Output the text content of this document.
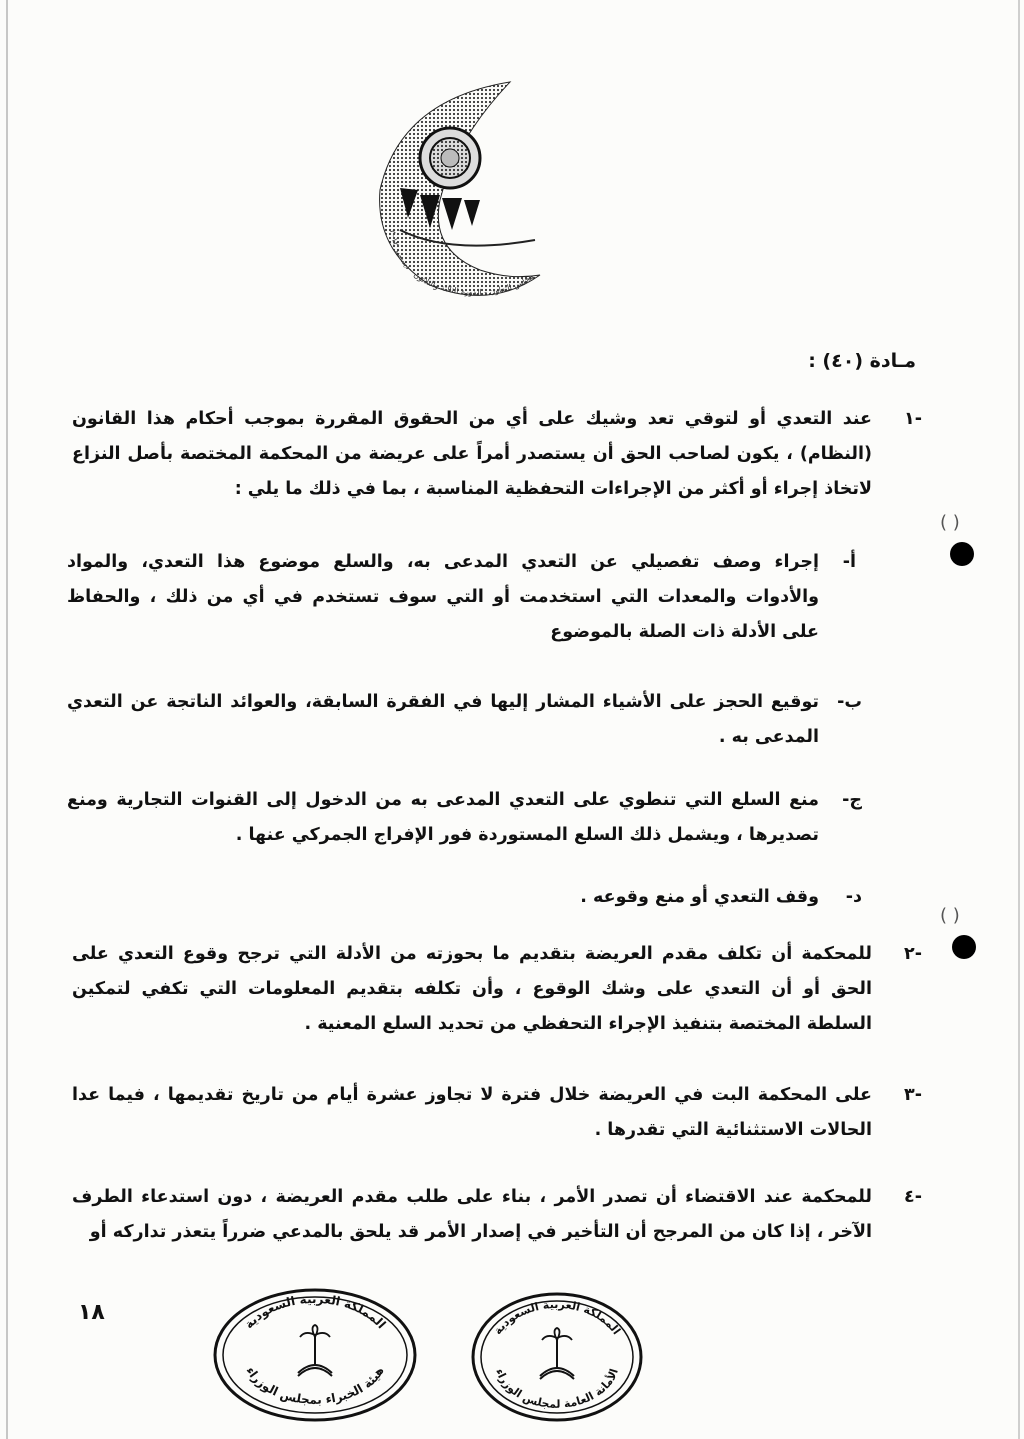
مجلس التعاون - الدورة الثالثة والثلاثون - ديسمبر ٢٠١٢
مـادة (٤٠) :
-١

عند التعدي أو لتوقي تعد وشيك على أي من الحقوق المقررة بموجب أحكام هذا القانون (النظام) ، يكون لصاحب الحق أن يستصدر أمراً على عريضة من المحكمة المختصة بأصل النزاع لاتخاذ إجراء أو أكثر من الإجراءات التحفظية المناسبة ، بما في ذلك ما يلي :

أ-

إجراء وصف تفصيلي عن التعدي المدعى به، والسلع موضوع هذا التعدي، والمواد والأدوات والمعدات التي استخدمت أو التي سوف تستخدم في أي من ذلك ، والحفاظ على الأدلة ذات الصلة بالموضوع

ب-

توقيع الحجز على الأشياء المشار إليها في الفقرة السابقة، والعوائد الناتجة عن التعدي المدعى به .

ج-

منع السلع التي تنطوي على التعدي المدعى به من الدخول إلى القنوات التجارية ومنع تصديرها ، ويشمل ذلك السلع المستوردة فور الإفراج الجمركي عنها .

د-

وقف التعدي أو منع وقوعه .

-٢

للمحكمة أن تكلف مقدم العريضة بتقديم ما بحوزته من الأدلة التي ترجح وقوع التعدي على الحق أو أن التعدي على وشك الوقوع ، وأن تكلفه بتقديم المعلومات التي تكفي لتمكين السلطة المختصة بتنفيذ الإجراء التحفظي من تحديد السلع المعنية .

-٣

على المحكمة البت في العريضة خلال فترة لا تجاوز عشرة أيام من تاريخ تقديمها ، فيما عدا الحالات الاستثنائية التي تقدرها .

-٤

للمحكمة عند الاقتضاء أن تصدر الأمر ، بناء على طلب مقدم العريضة ، دون استدعاء الطرف الآخر ، إذا كان من المرجح أن التأخير في إصدار الأمر قد يلحق بالمدعي ضرراً يتعذر تداركه أو

( )
( )
١٨	المملكة العربية السعودية
هيئة الخبراء بمجلس الوزراء
المملكة العربية السعودية
الأمانة العامة لمجلس الوزراء
